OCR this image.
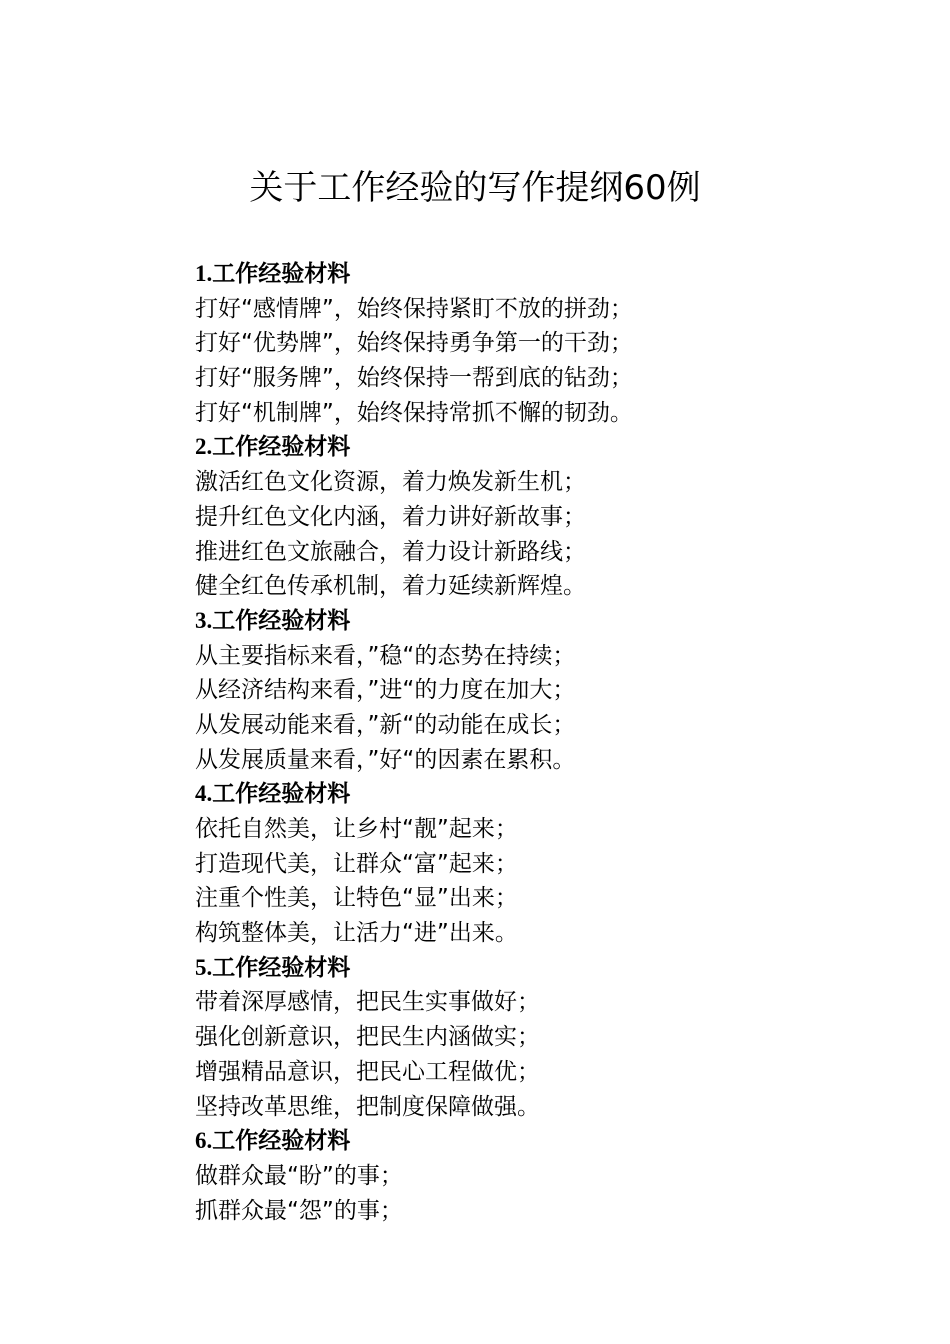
关于工作经验的写作提纲60例

1.工作经验材料

打好“感情牌”，始终保持紧盯不放的拼劲；

打好“优势牌”，始终保持勇争第一的干劲；

打好“服务牌”，始终保持一帮到底的钻劲；

打好“机制牌”，始终保持常抓不懈的韧劲。

2.工作经验材料

激活红色文化资源，着力焕发新生机；

提升红色文化内涵，着力讲好新故事；

推进红色文旅融合，着力设计新路线；

健全红色传承机制，着力延续新辉煌。

3.工作经验材料

从主要指标来看，”稳“的态势在持续；

从经济结构来看，”进“的力度在加大；

从发展动能来看，”新“的动能在成长；

从发展质量来看，”好“的因素在累积。

4.工作经验材料

依托自然美，让乡村“靓”起来；

打造现代美，让群众“富”起来；

注重个性美，让特色“显”出来；

构筑整体美，让活力“进”出来。

5.工作经验材料

带着深厚感情，把民生实事做好；

强化创新意识，把民生内涵做实；

增强精品意识，把民心工程做优；

坚持改革思维，把制度保障做强。

6.工作经验材料

做群众最“盼”的事；

抓群众最“怨”的事；
